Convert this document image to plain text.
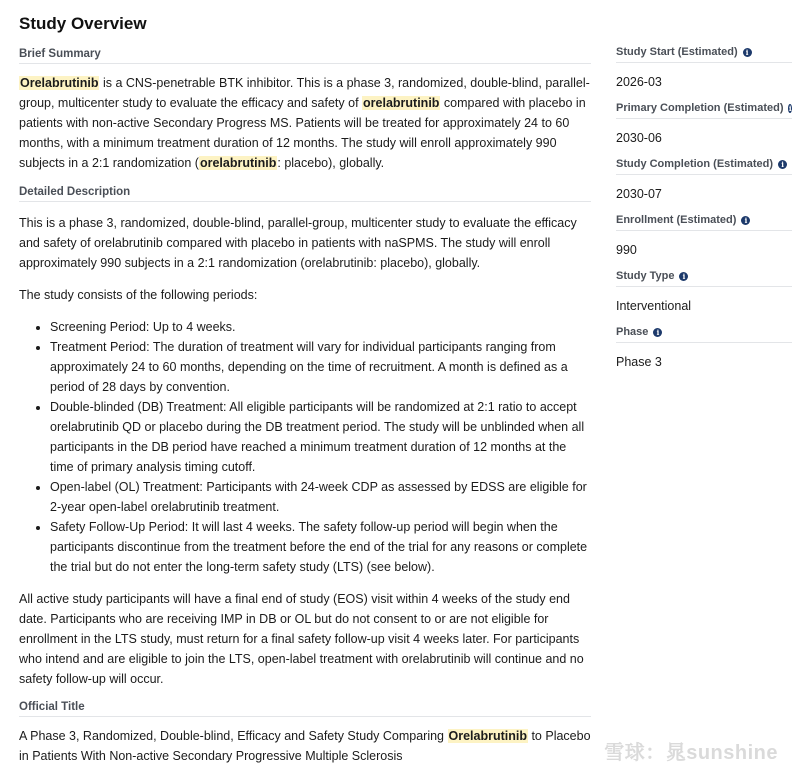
Study Overview
Brief Summary

Orelabrutinib is a CNS-penetrable BTK inhibitor. This is a phase 3, randomized, double-blind, parallel-group, multicenter study to evaluate the efficacy and safety of orelabrutinib compared with placebo in patients with non-active Secondary Progress MS. Patients will be treated for approximately 24 to 60 months, with a minimum treatment duration of 12 months. The study will enroll approximately 990 subjects in a 2:1 randomization (orelabrutinib: placebo), globally.

Detailed Description

This is a phase 3, randomized, double-blind, parallel-group, multicenter study to evaluate the efficacy and safety of orelabrutinib compared with placebo in patients with naSPMS. The study will enroll approximately 990 subjects in a 2:1 randomization (orelabrutinib: placebo), globally.

The study consists of the following periods:

• Screening Period: Up to 4 weeks.
• Treatment Period: The duration of treatment will vary for individual participants ranging from approximately 24 to 60 months, depending on the time of recruitment. A month is defined as a period of 28 days by convention.
• Double-blinded (DB) Treatment: All eligible participants will be randomized at 2:1 ratio to accept orelabrutinib QD or placebo during the DB treatment period. The study will be unblinded when all participants in the DB period have reached a minimum treatment duration of 12 months at the time of primary analysis timing cutoff.
• Open-label (OL) Treatment: Participants with 24-week CDP as assessed by EDSS are eligible for 2-year open-label orelabrutinib treatment.
• Safety Follow-Up Period: It will last 4 weeks. The safety follow-up period will begin when the participants discontinue from the treatment before the end of the trial for any reasons or complete the trial but do not enter the long-term safety study (LTS) (see below).

All active study participants will have a final end of study (EOS) visit within 4 weeks of the study end date. Participants who are receiving IMP in DB or OL but do not consent to or are not eligible for enrollment in the LTS study, must return for a final safety follow-up visit 4 weeks later. For participants who intend and are eligible to join the LTS, open-label treatment with orelabrutinib will continue and no safety follow-up will occur.

Official Title

A Phase 3, Randomized, Double-blind, Efficacy and Safety Study Comparing Orelabrutinib to Placebo in Patients With Non-active Secondary Progressive Multiple Sclerosis

Study Start (Estimated)	i
2026-03
Primary Completion (Estimated) i
2030-06
Study Completion (Estimated)	i
2030-07
Enrollment (Estimated)	i
990
Study Type	i
Interventional
Phase	i
Phase 3
雪球：晁sunshine
